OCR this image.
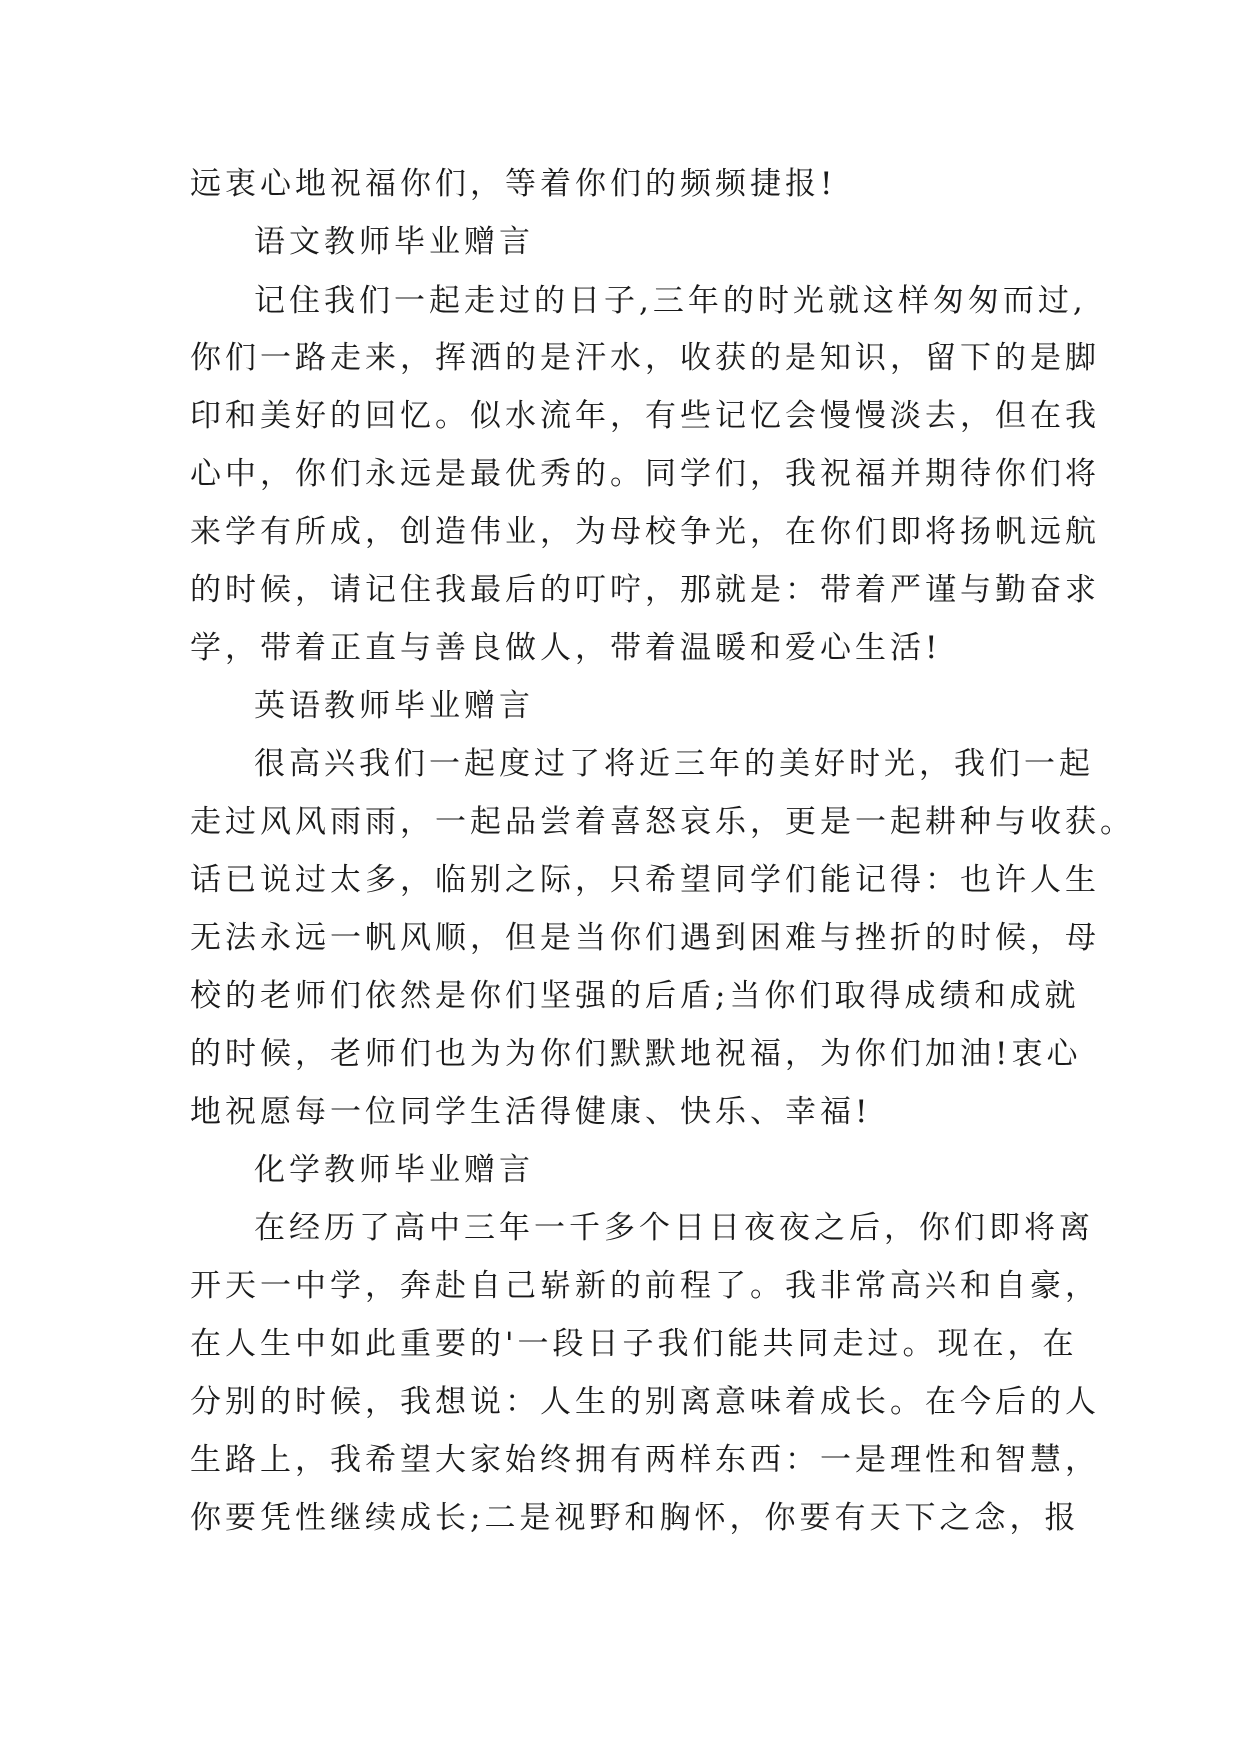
远衷心地祝福你们，等着你们的频频捷报!
语文教师毕业赠言
记住我们一起走过的日子,三年的时光就这样匆匆而过,
你们一路走来，挥洒的是汗水，收获的是知识，留下的是脚
印和美好的回忆。似水流年，有些记忆会慢慢淡去，但在我
心中，你们永远是最优秀的。同学们，我祝福并期待你们将
来学有所成，创造伟业，为母校争光，在你们即将扬帆远航
的时候，请记住我最后的叮咛，那就是：带着严谨与勤奋求
学，带着正直与善良做人，带着温暖和爱心生活!
英语教师毕业赠言
很高兴我们一起度过了将近三年的美好时光，我们一起
走过风风雨雨，一起品尝着喜怒哀乐，更是一起耕种与收获。
话已说过太多，临别之际，只希望同学们能记得：也许人生
无法永远一帆风顺，但是当你们遇到困难与挫折的时候，母
校的老师们依然是你们坚强的后盾;当你们取得成绩和成就
的时候，老师们也为为你们默默地祝福，为你们加油!衷心
地祝愿每一位同学生活得健康、快乐、幸福!
化学教师毕业赠言
在经历了高中三年一千多个日日夜夜之后，你们即将离
开天一中学，奔赴自己崭新的前程了。我非常高兴和自豪，
在人生中如此重要的'一段日子我们能共同走过。现在，在
分别的时候，我想说：人生的别离意味着成长。在今后的人
生路上，我希望大家始终拥有两样东西：一是理性和智慧，
你要凭性继续成长;二是视野和胸怀，你要有天下之念，报
